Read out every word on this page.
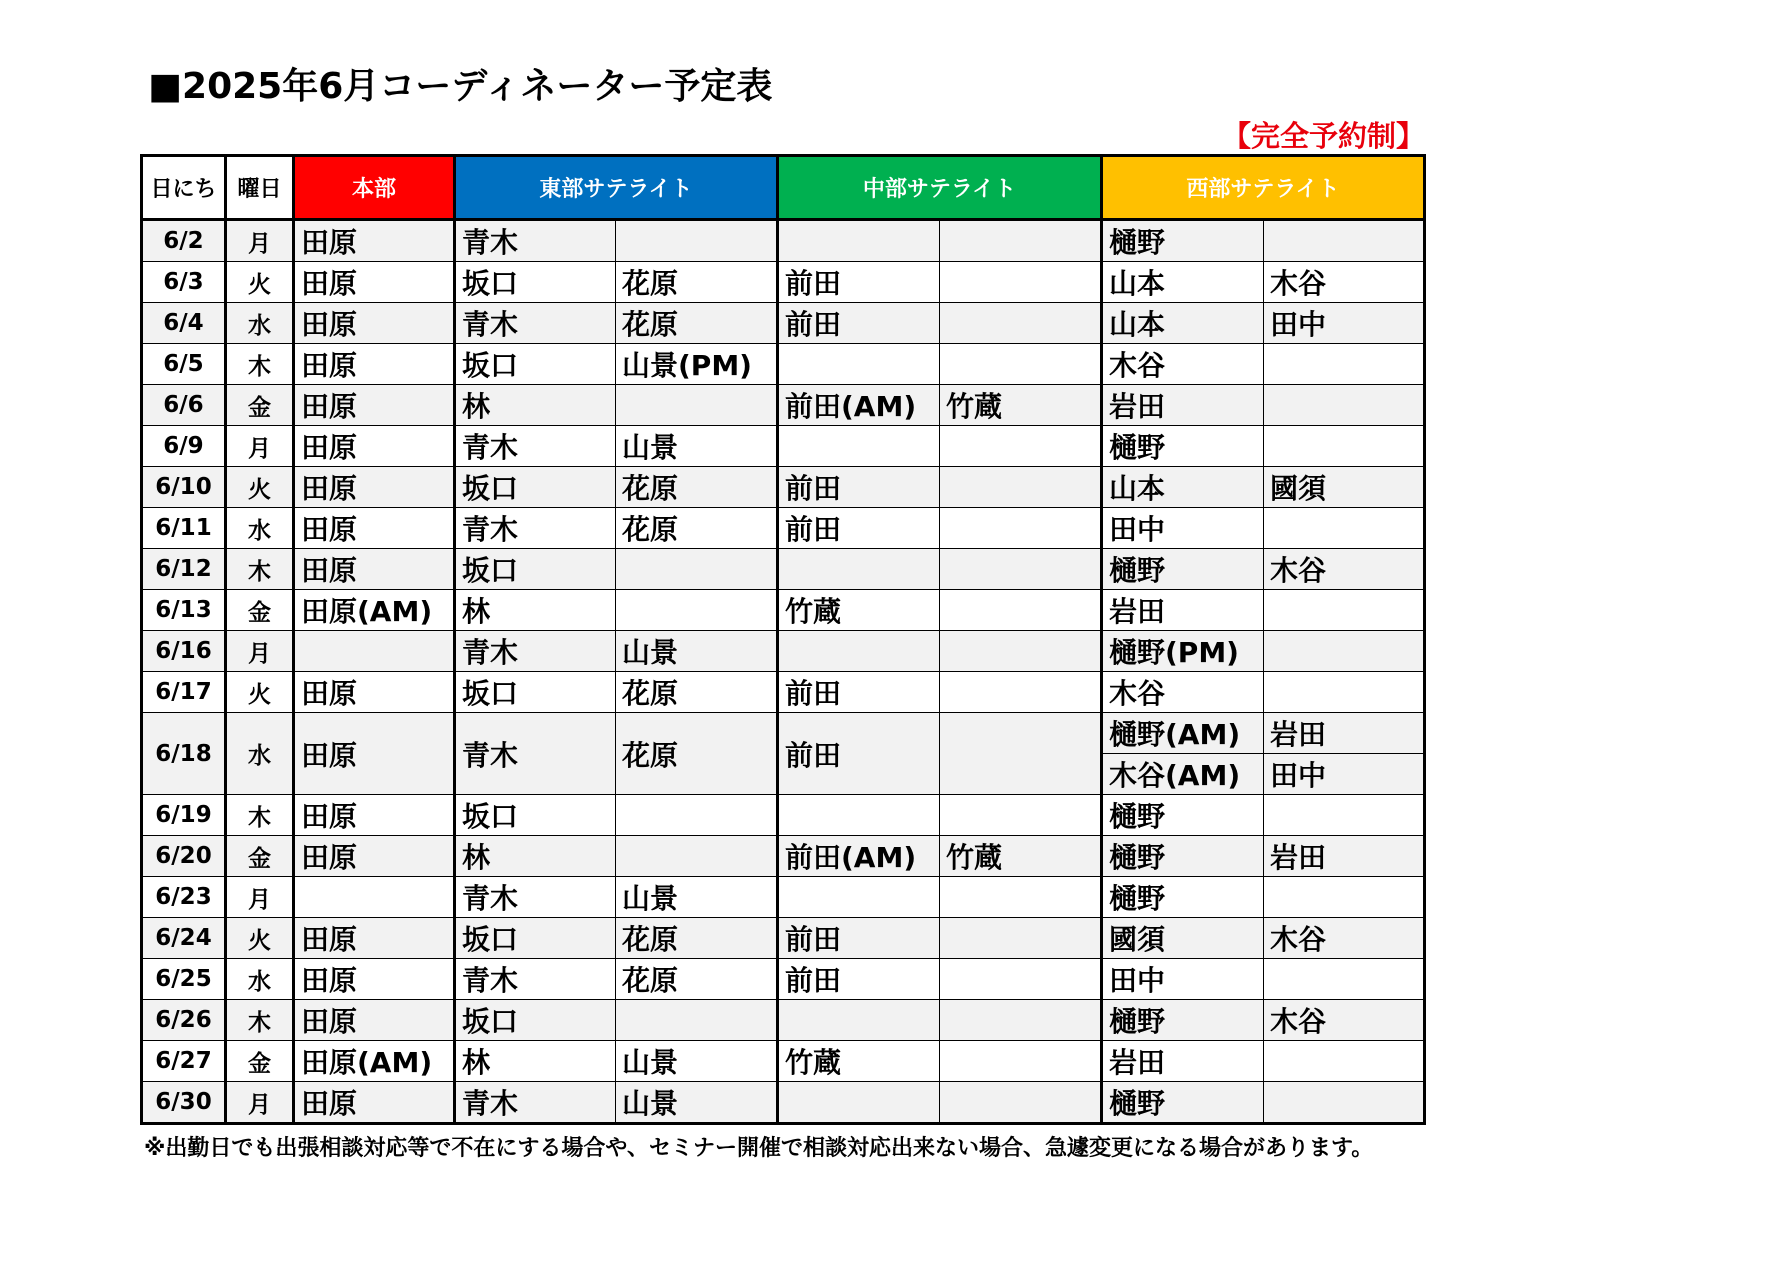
■2025年6月コーディネーター予定表
【完全予約制】
日にち	曜日	本部	東部サテライト		中部サテライト		西部サテライト	
6/2	月	田原	青木				樋野	
6/3	火	田原	坂口	花原	前田		山本	木谷
6/4	水	田原	青木	花原	前田		山本	田中
6/5	木	田原	坂口	山景(PM)			木谷	
6/6	金	田原	林		前田(AM)	竹蔵	岩田	
6/9	月	田原	青木	山景			樋野	
6/10	火	田原	坂口	花原	前田		山本	國須
6/11	水	田原	青木	花原	前田		田中	
6/12	木	田原	坂口				樋野	木谷
6/13	金	田原(AM)	林		竹蔵		岩田	
6/16	月		青木	山景			樋野(PM)	
6/17	火	田原	坂口	花原	前田		木谷	
6/18	水	田原	青木	花原	前田		樋野(AM)	岩田
							木谷(AM)	田中
6/19	木	田原	坂口				樋野	
6/20	金	田原	林		前田(AM)	竹蔵	樋野	岩田
6/23	月		青木	山景			樋野	
6/24	火	田原	坂口	花原	前田		國須	木谷
6/25	水	田原	青木	花原	前田		田中	
6/26	木	田原	坂口				樋野	木谷
6/27	金	田原(AM)	林	山景	竹蔵		岩田	
6/30	月	田原	青木	山景			樋野	
※出勤日でも出張相談対応等で不在にする場合や、セミナー開催で相談対応出来ない場合、急遽変更になる場合があります。
